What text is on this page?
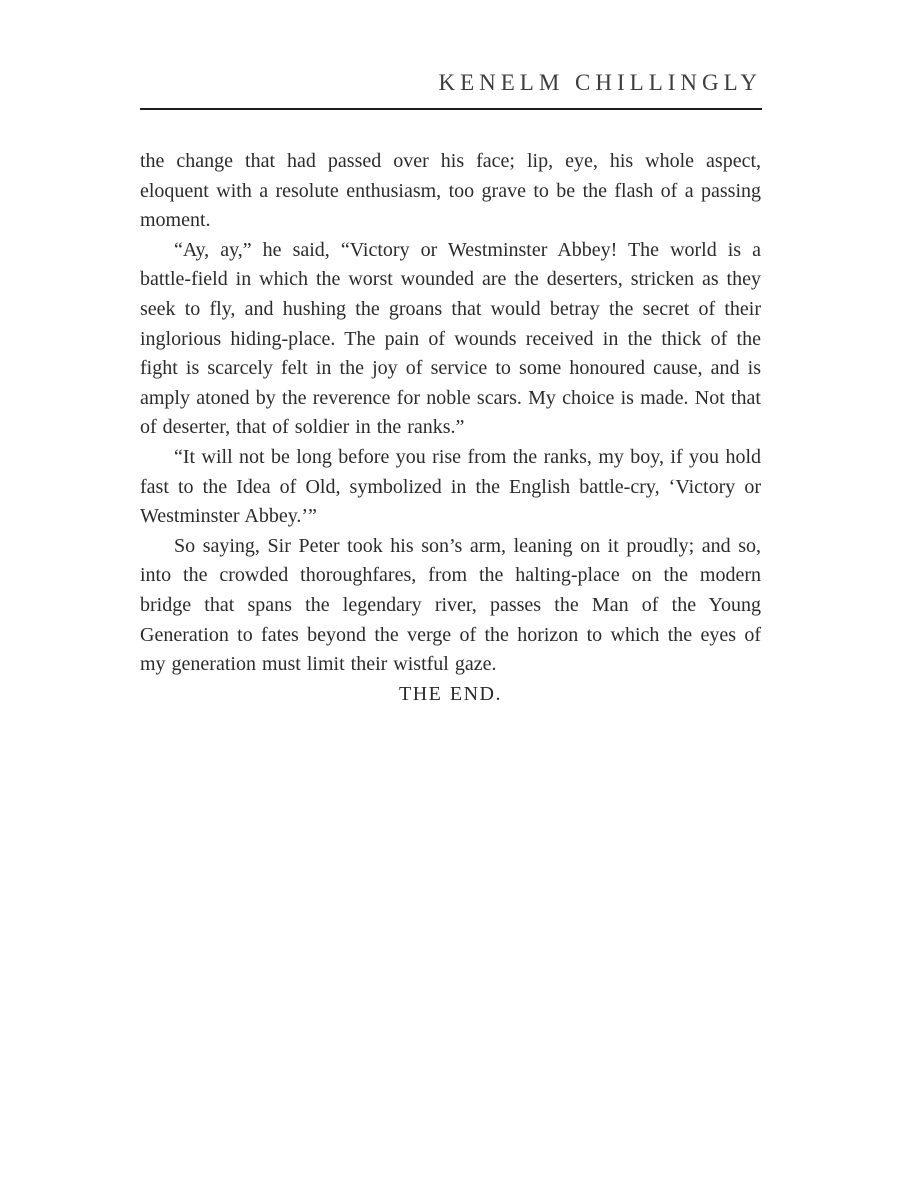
KENELM CHILLINGLY

the change that had passed over his face; lip, eye, his whole aspect, eloquent with a resolute enthusiasm, too grave to be the flash of a passing moment.

“Ay, ay,” he said, “Victory or Westminster Abbey! The world is a battle-field in which the worst wounded are the deserters, stricken as they seek to fly, and hushing the groans that would betray the secret of their inglorious hiding-place. The pain of wounds received in the thick of the fight is scarcely felt in the joy of service to some honoured cause, and is amply atoned by the reverence for noble scars. My choice is made. Not that of deserter, that of soldier in the ranks.”

“It will not be long before you rise from the ranks, my boy, if you hold fast to the Idea of Old, symbolized in the English battle-cry, ‘Victory or Westminster Abbey.’”

So saying, Sir Peter took his son’s arm, leaning on it proudly; and so, into the crowded thoroughfares, from the halting-place on the modern bridge that spans the legendary river, passes the Man of the Young Generation to fates beyond the verge of the horizon to which the eyes of my generation must limit their wistful gaze.

THE END.
